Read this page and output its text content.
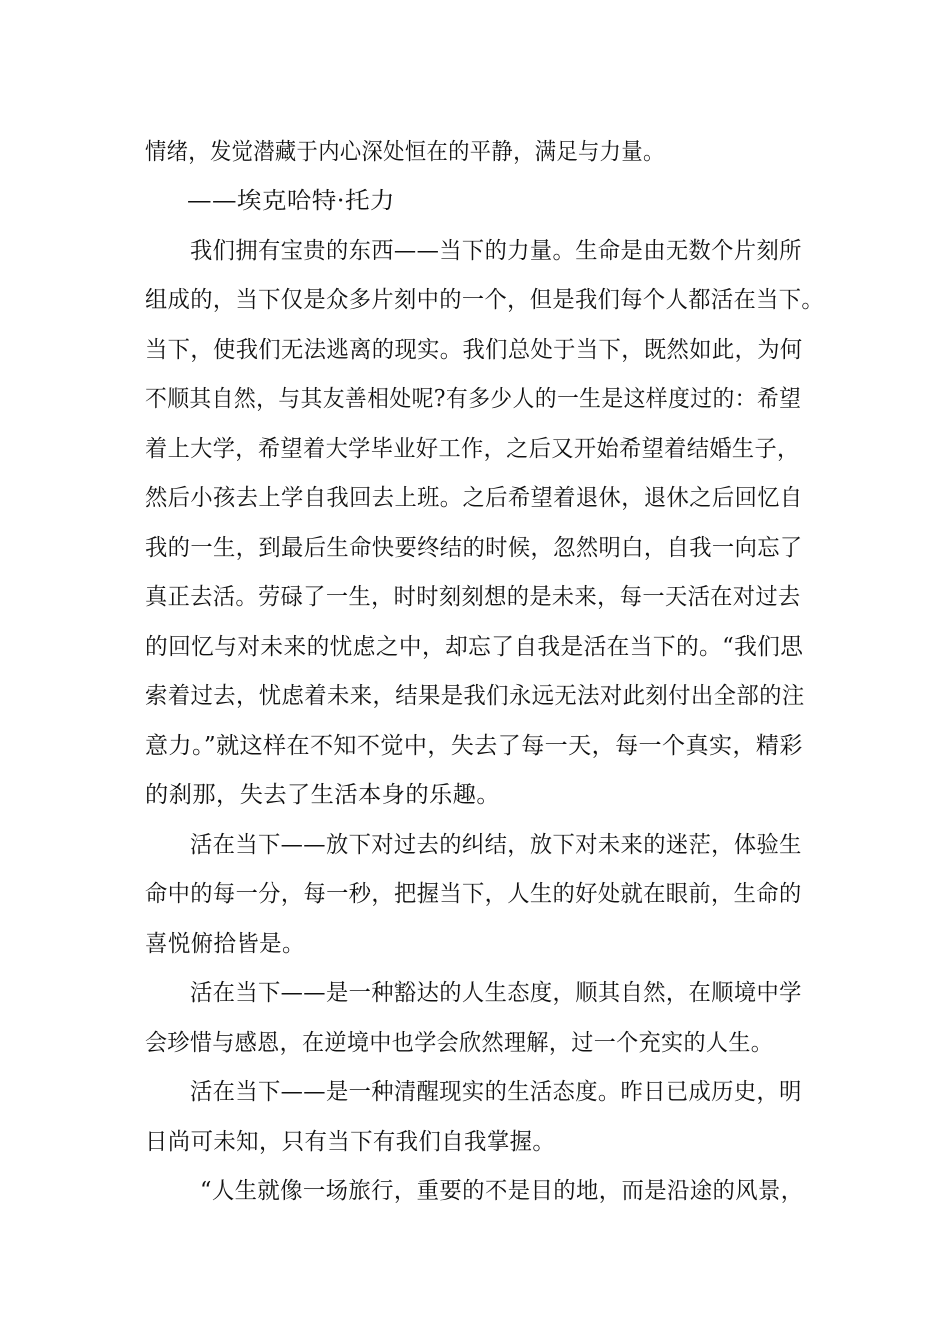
情绪，发觉潜藏于内心深处恒在的平静，满足与力量。
——埃克哈特·托力
我们拥有宝贵的东西——当下的力量。生命是由无数个片刻所
组成的，当下仅是众多片刻中的一个，但是我们每个人都活在当下。
当下，使我们无法逃离的现实。我们总处于当下，既然如此，为何
不顺其自然，与其友善相处呢?有多少人的一生是这样度过的：希望
着上大学，希望着大学毕业好工作，之后又开始希望着结婚生子，
然后小孩去上学自我回去上班。之后希望着退休，退休之后回忆自
我的一生，到最后生命快要终结的时候，忽然明白，自我一向忘了
真正去活。劳碌了一生，时时刻刻想的是未来，每一天活在对过去
的回忆与对未来的忧虑之中，却忘了自我是活在当下的。“我们思
索着过去，忧虑着未来，结果是我们永远无法对此刻付出全部的注
意力。”就这样在不知不觉中，失去了每一天，每一个真实，精彩
的刹那，失去了生活本身的乐趣。
活在当下——放下对过去的纠结，放下对未来的迷茫，体验生
命中的每一分，每一秒，把握当下，人生的好处就在眼前，生命的
喜悦俯拾皆是。
活在当下——是一种豁达的人生态度，顺其自然，在顺境中学
会珍惜与感恩，在逆境中也学会欣然理解，过一个充实的人生。
活在当下——是一种清醒现实的生活态度。昨日已成历史，明
日尚可未知，只有当下有我们自我掌握。
“人生就像一场旅行，重要的不是目的地，而是沿途的风景，
